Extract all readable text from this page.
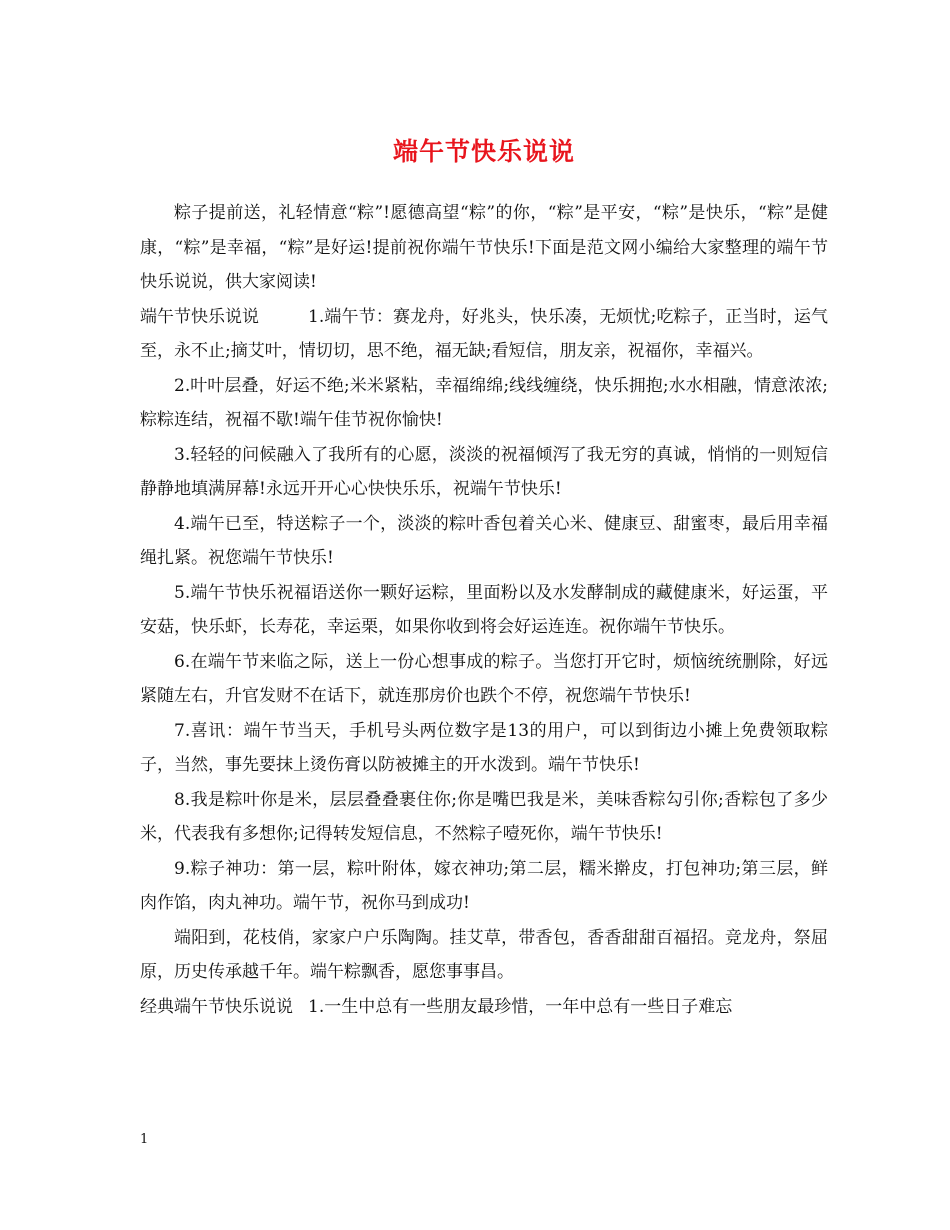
端午节快乐说说

粽子提前送，礼轻情意“粽”!愿德高望“粽”的你，“粽”是平安，“粽”是快乐，“粽”是健康，“粽”是幸福，“粽”是好运!提前祝你端午节快乐!下面是范文网小编给大家整理的端午节快乐说说，供大家阅读!

端午节快乐说说	1.端午节：赛龙舟，好兆头，快乐凑，无烦忧;吃粽子，正当时，运气至，永不止;摘艾叶，情切切，思不绝，福无缺;看短信，朋友亲，祝福你，幸福兴。

2.叶叶层叠，好运不绝;米米紧粘，幸福绵绵;线线缠绕，快乐拥抱;水水相融，情意浓浓;粽粽连结，祝福不歇!端午佳节祝你愉快!

3.轻轻的问候融入了我所有的心愿，淡淡的祝福倾泻了我无穷的真诚，悄悄的一则短信静静地填满屏幕!永远开开心心快快乐乐，祝端午节快乐!

4.端午已至，特送粽子一个，淡淡的粽叶香包着关心米、健康豆、甜蜜枣，最后用幸福绳扎紧。祝您端午节快乐!

5.端午节快乐祝福语送你一颗好运粽，里面粉以及水发酵制成的藏健康米，好运蛋，平安菇，快乐虾，长寿花，幸运栗，如果你收到将会好运连连。祝你端午节快乐。

6.在端午节来临之际，送上一份心想事成的粽子。当您打开它时，烦恼统统删除，好远紧随左右，升官发财不在话下，就连那房价也跌个不停，祝您端午节快乐!

7.喜讯：端午节当天，手机号头两位数字是13的用户，可以到街边小摊上免费领取粽子，当然，事先要抹上烫伤膏以防被摊主的开水泼到。端午节快乐!

8.我是粽叶你是米，层层叠叠裹住你;你是嘴巴我是米，美味香粽勾引你;香粽包了多少米，代表我有多想你;记得转发短信息，不然粽子噎死你，端午节快乐!

9.粽子神功：第一层，粽叶附体，嫁衣神功;第二层，糯米擀皮，打包神功;第三层，鲜肉作馅，肉丸神功。端午节，祝你马到成功!

端阳到，花枝俏，家家户户乐陶陶。挂艾草，带香包，香香甜甜百福招。竞龙舟，祭屈原，历史传承越千年。端午粽飘香，愿您事事昌。

经典端午节快乐说说 1.一生中总有一些朋友最珍惜，一年中总有一些日子难忘

1
